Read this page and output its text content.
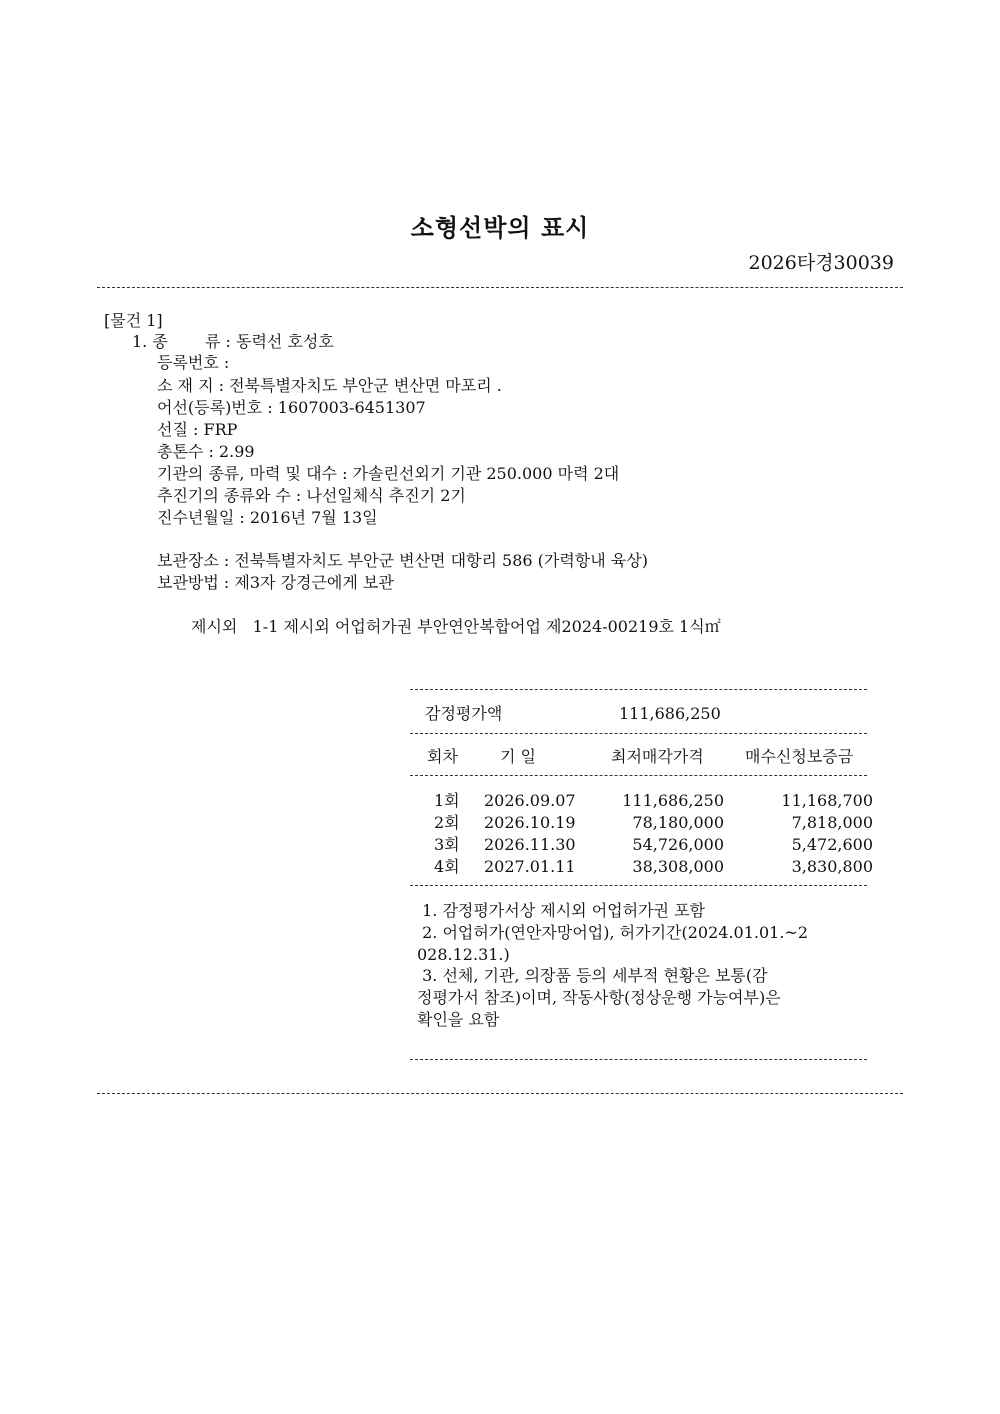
소형선박의 표시
2026타경30039
[물건 1]
1. 종 류 : 동력선 호성호
등록번호 :
소 재 지 : 전북특별자치도 부안군 변산면 마포리 .
어선(등록)번호 : 1607003-6451307
선질 : FRP
총톤수 : 2.99
기관의 종류, 마력 및 대수 : 가솔린선외기 기관 250.000 마력 2대
추진기의 종류와 수 : 나선일체식 추진기 2기
진수년월일 : 2016년 7월 13일
보관장소 : 전북특별자치도 부안군 변산면 대항리 586 (가력항내 육상)
보관방법 : 제3자 강경근에게 보관
제시외   1-1 제시외 어업허가권 부안연안복합어업 제2024-00219호 1식㎡
감정평가액	111,686,250
회차	기 일	최저매각가격	매수신청보증금
1회 2026.09.07	111,686,250	11,168,700
2회 2026.10.19	78,180,000	7,818,000
3회 2026.11.30	54,726,000	5,472,600
4회 2027.01.11	38,308,000	3,830,800
1. 감정평가서상 제시외 어업허가권 포함
2. 어업허가(연안자망어업), 허가기간(2024.01.01.~2
028.12.31.)
3. 선체, 기관, 의장품 등의 세부적 현황은 보통(감
정평가서 참조)이며, 작동사항(정상운행 가능여부)은
확인을 요함
